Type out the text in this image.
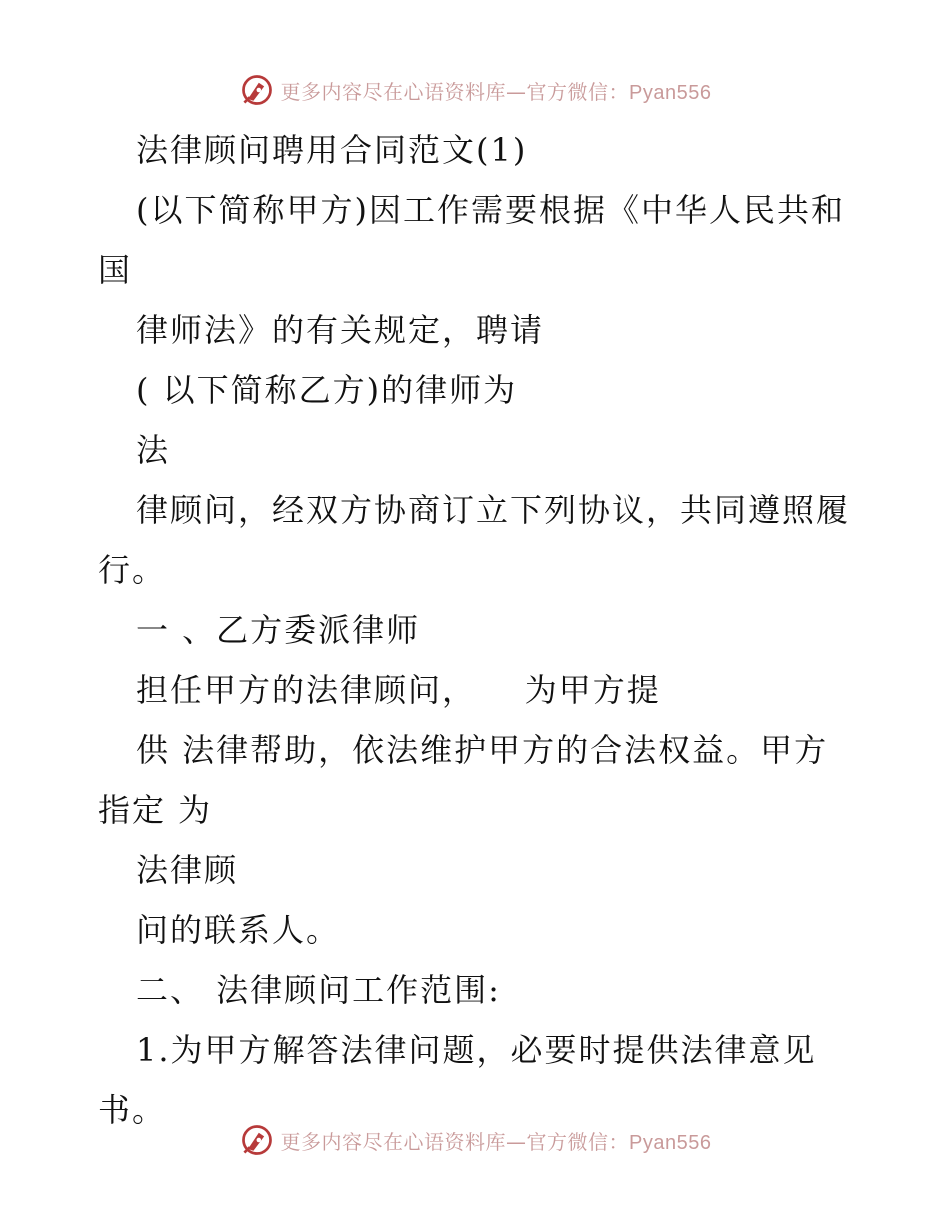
更多内容尽在心语资料库—官方微信：Pyan556
法律顾问聘用合同范文(1)
(以下简称甲方)因工作需要根据《中华人民共和
国
律师法》的有关规定，聘请
( 以下简称乙方)的律师为
法
律顾问，经双方协商订立下列协议，共同遵照履
行。
一 、乙方委派律师
担任甲方的法律顾问，    为甲方提
供 法律帮助，依法维护甲方的合法权益。甲方
指定 为
法律顾
问的联系人。
二、 法律顾问工作范围:
1.为甲方解答法律问题，必要时提供法律意见
书。
更多内容尽在心语资料库—官方微信：Pyan556
